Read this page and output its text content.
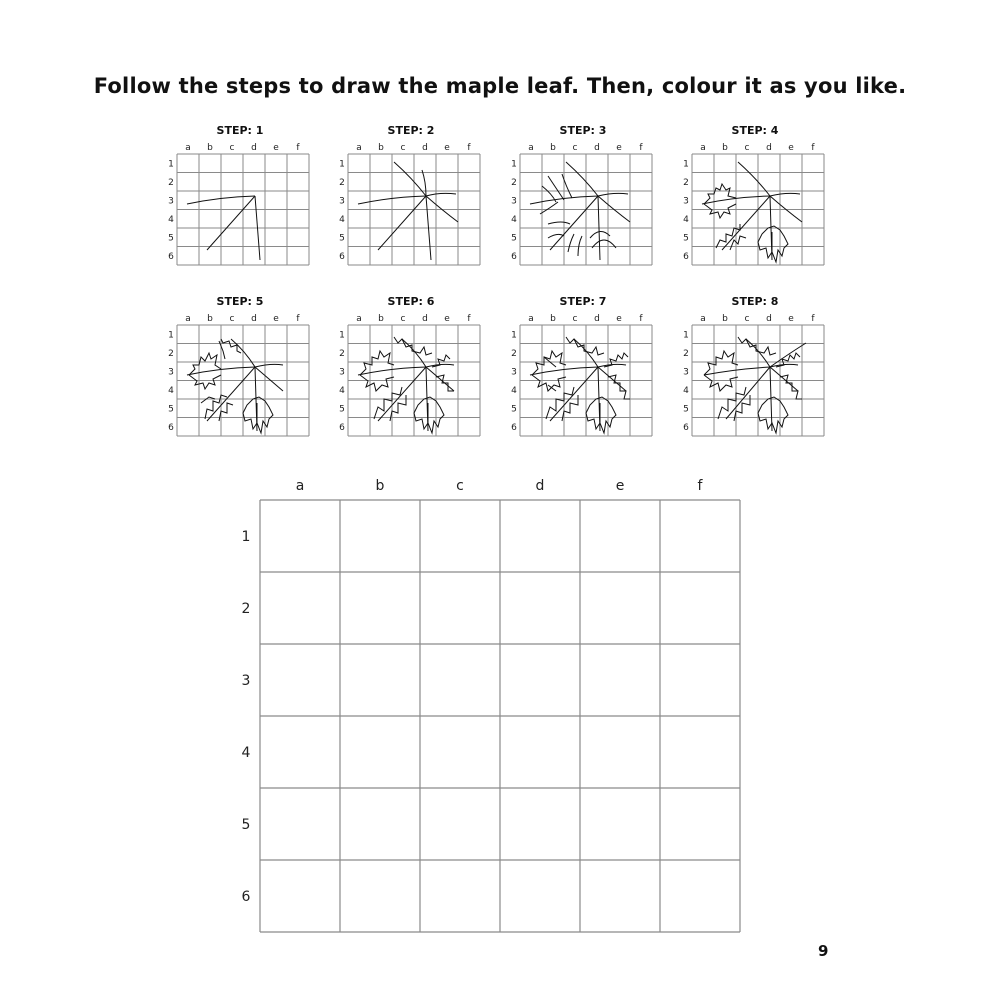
Follow the steps to draw the maple leaf. Then, colour it as you like.
STEP: 1
a b c d e f
1
2
3
4
5
6
STEP: 2
a b c d e f
1
2
3
4
5
6
STEP: 3
a b c d e f
1
2
3
4
5
6
STEP: 4
a b c d e f
1
2
3
4
5
6
STEP: 5
a b c d e f
1
2
3
4
5
6
STEP: 6
a b c d e f
1
2
3
4
5
6
STEP: 7
a b c d e f
1
2
3
4
5
6
STEP: 8
a b c d e f
1
2
3
4
5
6
a	b	c	d	e	f
1
2
3
4
5
6

9
